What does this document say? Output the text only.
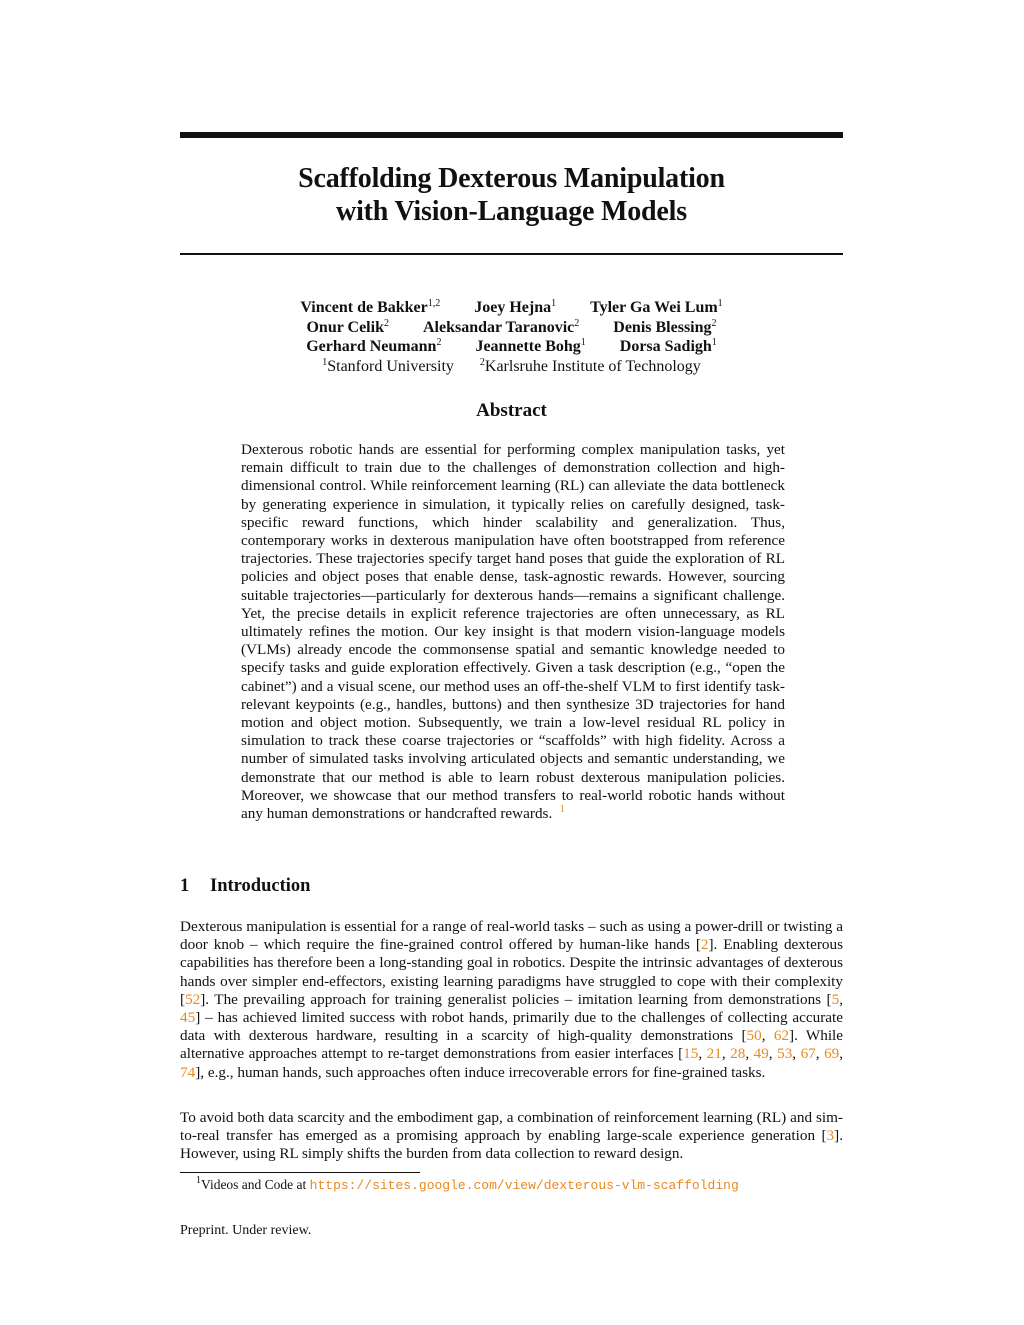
Scaffolding Dexterous Manipulation
with Vision-Language Models
Vincent de Bakker$^{1,2}$ Joey Hejna$^1$ Tyler Ga Wei Lum$^1$
Onur Celik$^2$ Aleksandar Taranovic$^2$ Denis Blessing$^2$
Gerhard Neumann$^2$ Jeannette Bohg$^1$ Dorsa Sadigh$^1$
$^1$Stanford University	$^2$Karlsruhe Institute of Technology
Abstract
Dexterous robotic hands are essential for performing complex manipulation tasks, yet remain difficult to train due to the challenges of demonstration collection and high-dimensional control. While reinforcement learning (RL) can alleviate the data bottleneck by generating experience in simulation, it typically relies on carefully designed, task-specific reward functions, which hinder scalability and generalization. Thus, contemporary works in dexterous manipulation have often bootstrapped from reference trajectories. These trajectories specify target hand poses that guide the exploration of RL policies and object poses that enable dense, task-agnostic rewards. However, sourcing suitable trajectories—particularly for dexterous hands—remains a significant challenge. Yet, the precise details in explicit reference trajectories are often unnecessary, as RL ultimately refines the motion. Our key insight is that modern vision-language models (VLMs) already encode the commonsense spatial and semantic knowledge needed to specify tasks and guide exploration effectively. Given a task description (e.g., “open the cabinet”) and a visual scene, our method uses an off-the-shelf VLM to first identify task-relevant keypoints (e.g., handles, buttons) and then synthesize 3D trajectories for hand motion and object motion. Subsequently, we train a low-level residual RL policy in simulation to track these coarse trajectories or “scaffolds” with high fidelity. Across a number of simulated tasks involving articulated objects and semantic understanding, we demonstrate that our method is able to learn robust dexterous manipulation policies. Moreover, we showcase that our method transfers to real-world robotic hands without any human demonstrations or handcrafted rewards. $^1$
1 Introduction
Dexterous manipulation is essential for a range of real-world tasks – such as using a power-drill or twisting a door knob – which require the fine-grained control offered by human-like hands [2]. Enabling dexterous capabilities has therefore been a long-standing goal in robotics. Despite the intrinsic advantages of dexterous hands over simpler end-effectors, existing learning paradigms have struggled to cope with their complexity [52]. The prevailing approach for training generalist policies – imitation learning from demonstrations [5, 45] – has achieved limited success with robot hands, primarily due to the challenges of collecting accurate data with dexterous hardware, resulting in a scarcity of high-quality demonstrations [50, 62]. While alternative approaches attempt to re-target demonstrations from easier interfaces [15, 21, 28, 49, 53, 67, 69, 74], e.g., human hands, such approaches often induce irrecoverable errors for fine-grained tasks.
To avoid both data scarcity and the embodiment gap, a combination of reinforcement learning (RL) and sim-to-real transfer has emerged as a promising approach by enabling large-scale experience generation [3]. However, using RL simply shifts the burden from data collection to reward design.
$^1$Videos and Code at https://sites.google.com/view/dexterous-vlm-scaffolding
Preprint. Under review.
